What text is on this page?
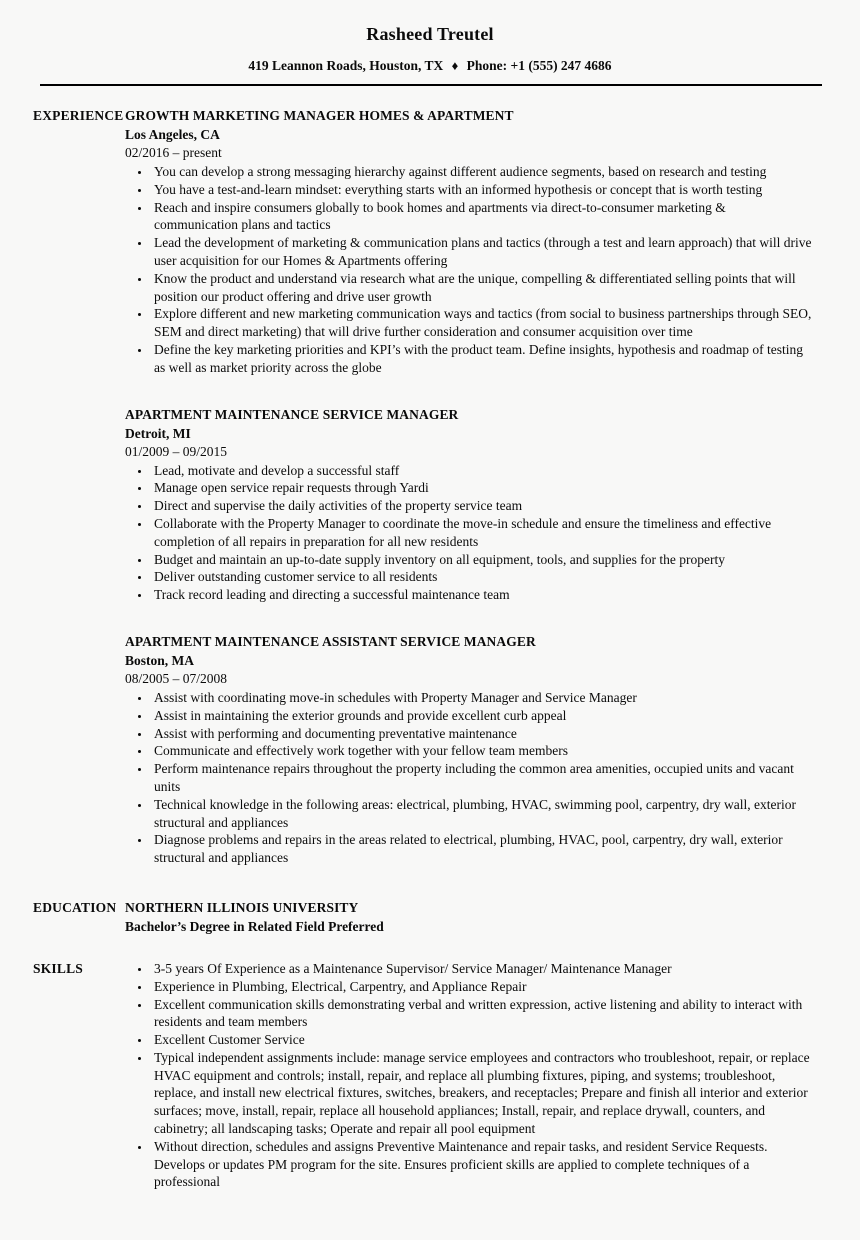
Rasheed Treutel
419 Leannon Roads, Houston, TX ♦ Phone: +1 (555) 247 4686
EXPERIENCE GROWTH MARKETING MANAGER HOMES & APARTMENT
Los Angeles, CA
02/2016 – present
• You can develop a strong messaging hierarchy against different audience segments, based on research and testing
• You have a test-and-learn mindset: everything starts with an informed hypothesis or concept that is worth testing
• Reach and inspire consumers globally to book homes and apartments via direct-to-consumer marketing & communication plans and tactics
• Lead the development of marketing & communication plans and tactics (through a test and learn approach) that will drive user acquisition for our Homes & Apartments offering
• Know the product and understand via research what are the unique, compelling & differentiated selling points that will position our product offering and drive user growth
• Explore different and new marketing communication ways and tactics (from social to business partnerships through SEO, SEM and direct marketing) that will drive further consideration and consumer acquisition over time
• Define the key marketing priorities and KPI’s with the product team. Define insights, hypothesis and roadmap of testing as well as market priority across the globe
APARTMENT MAINTENANCE SERVICE MANAGER
Detroit, MI
01/2009 – 09/2015
• Lead, motivate and develop a successful staff
• Manage open service repair requests through Yardi
• Direct and supervise the daily activities of the property service team
• Collaborate with the Property Manager to coordinate the move-in schedule and ensure the timeliness and effective completion of all repairs in preparation for all new residents
• Budget and maintain an up-to-date supply inventory on all equipment, tools, and supplies for the property
• Deliver outstanding customer service to all residents
• Track record leading and directing a successful maintenance team
APARTMENT MAINTENANCE ASSISTANT SERVICE MANAGER
Boston, MA
08/2005 – 07/2008
• Assist with coordinating move-in schedules with Property Manager and Service Manager
• Assist in maintaining the exterior grounds and provide excellent curb appeal
• Assist with performing and documenting preventative maintenance
• Communicate and effectively work together with your fellow team members
• Perform maintenance repairs throughout the property including the common area amenities, occupied units and vacant units
• Technical knowledge in the following areas: electrical, plumbing, HVAC, swimming pool, carpentry, dry wall, exterior structural and appliances
• Diagnose problems and repairs in the areas related to electrical, plumbing, HVAC, pool, carpentry, dry wall, exterior structural and appliances
EDUCATION NORTHERN ILLINOIS UNIVERSITY
Bachelor’s Degree in Related Field Preferred
SKILLS	• 3-5 years Of Experience as a Maintenance Supervisor/ Service Manager/ Maintenance Manager
• Experience in Plumbing, Electrical, Carpentry, and Appliance Repair
• Excellent communication skills demonstrating verbal and written expression, active listening and ability to interact with residents and team members
• Excellent Customer Service
• Typical independent assignments include: manage service employees and contractors who troubleshoot, repair, or replace HVAC equipment and controls; install, repair, and replace all plumbing fixtures, piping, and systems; troubleshoot, replace, and install new electrical fixtures, switches, breakers, and receptacles; Prepare and finish all interior and exterior surfaces; move, install, repair, replace all household appliances; Install, repair, and replace drywall, counters, and cabinetry; all landscaping tasks; Operate and repair all pool equipment
• Without direction, schedules and assigns Preventive Maintenance and repair tasks, and resident Service Requests. Develops or updates PM program for the site. Ensures proficient skills are applied to complete techniques of a professional
